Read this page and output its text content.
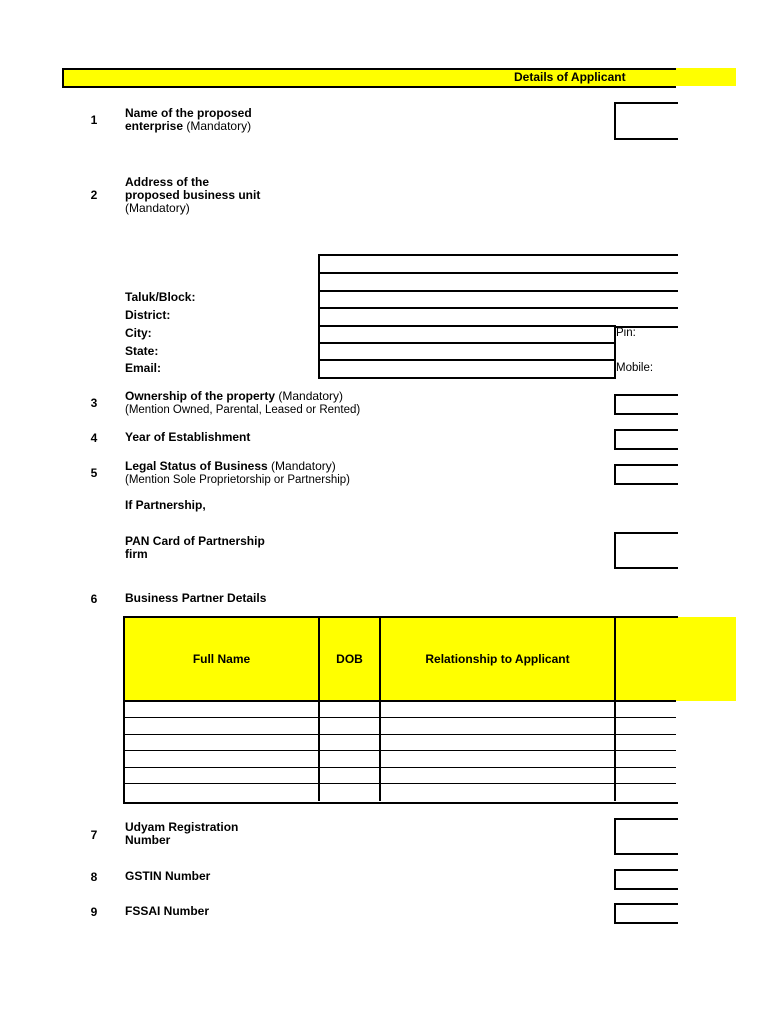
Details of Applicant
1	Name of the proposed enterprise (Mandatory)
2
Address of the proposed business unit
(Mandatory)
Taluk/Block:
District:
City:
State:
Email:
Pin:
Mobile:
3	Ownership of the property (Mandatory)
(Mention Owned, Parental, Leased or Rented)
4	Year of Establishment
5	Legal Status of Business (Mandatory)
(Mention Sole Proprietorship or Partnership)
If Partnership,
PAN Card of Partnership firm
6	Business Partner Details
Full Name	DOB	Relationship to Applicant
7
Udyam Registration Number
8	GSTIN Number
9	FSSAI Number
